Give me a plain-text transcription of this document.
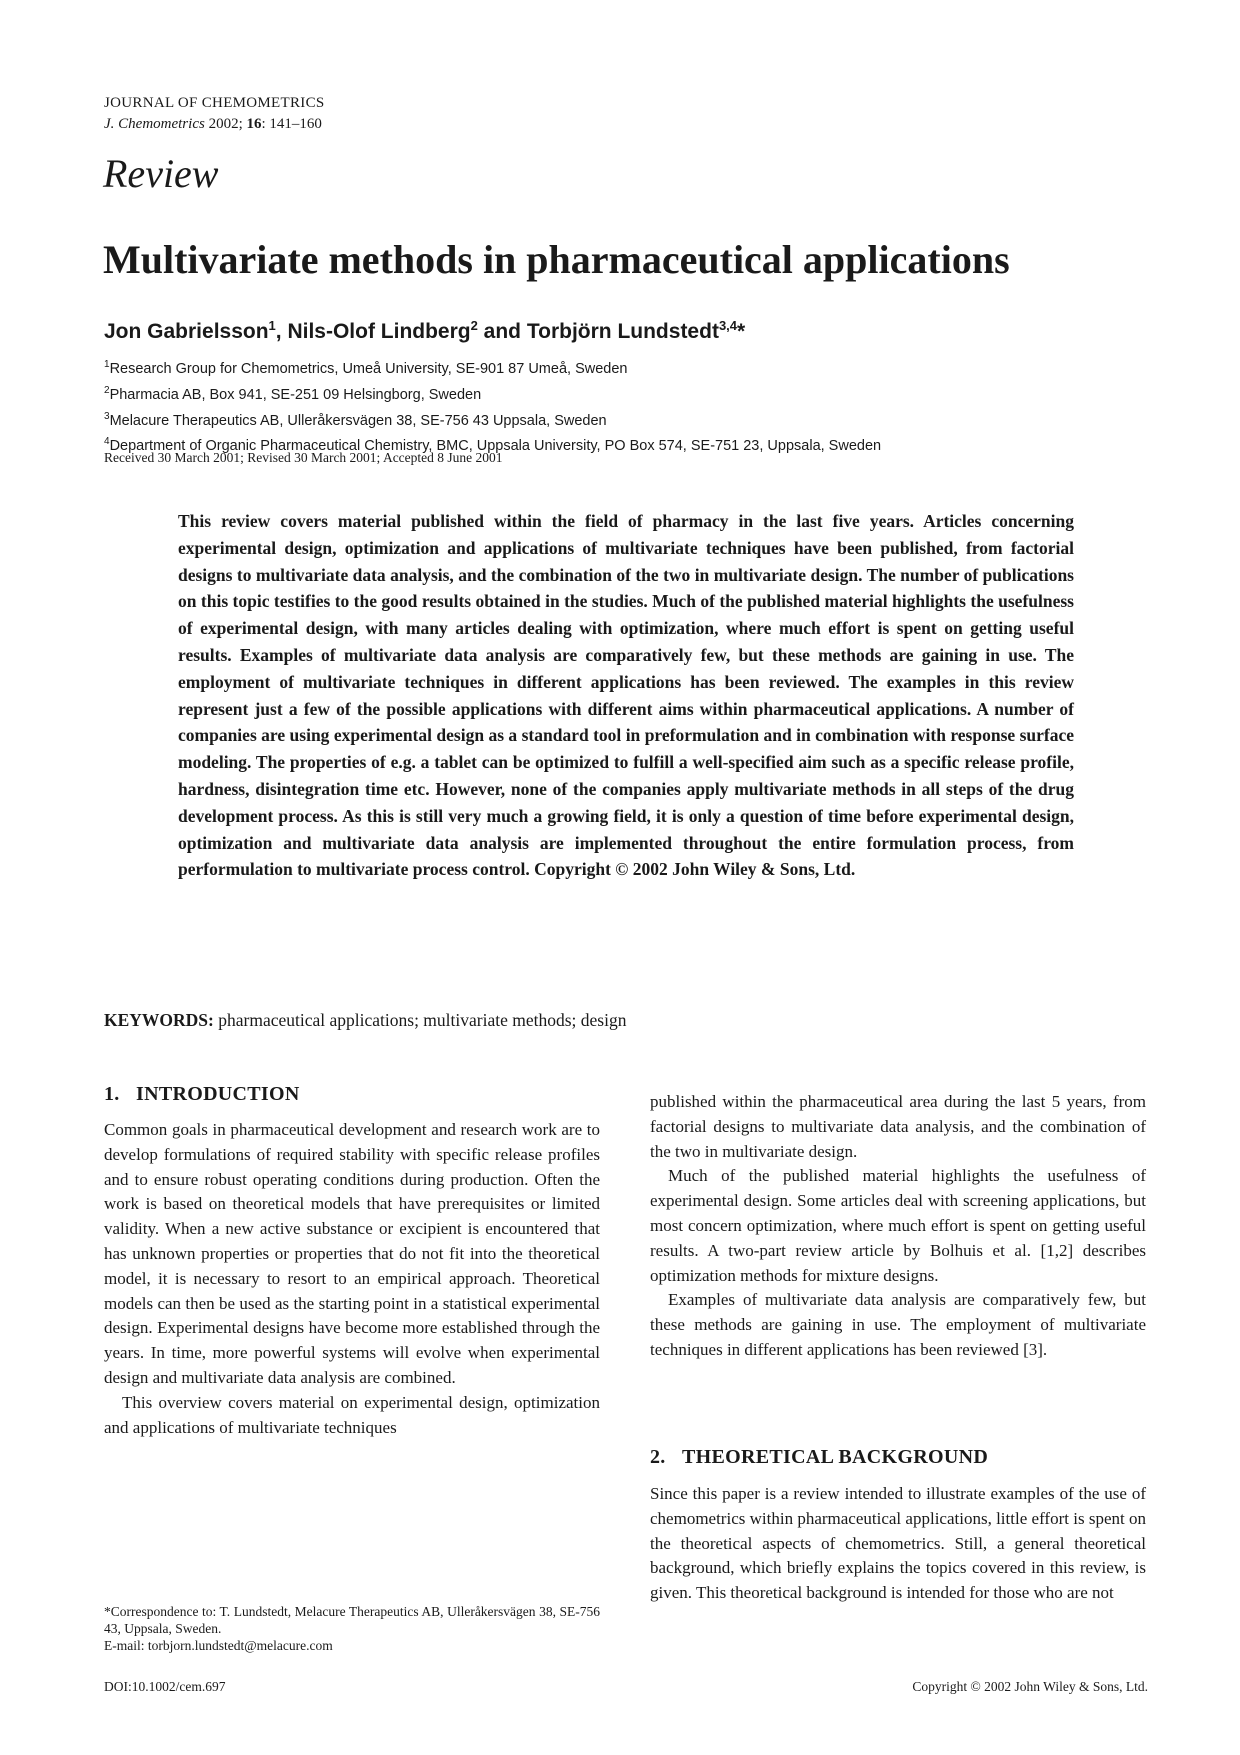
JOURNAL OF CHEMOMETRICS
J. Chemometrics 2002; 16: 141–160
Review
Multivariate methods in pharmaceutical applications
Jon Gabrielsson$^1$, Nils-Olof Lindberg$^2$ and Torbjörn Lundstedt$^{3,4}$*
$^1$Research Group for Chemometrics, Umeå University, SE-901 87 Umeå, Sweden
$^2$Pharmacia AB, Box 941, SE-251 09 Helsingborg, Sweden
$^3$Melacure Therapeutics AB, Ulleråkersvägen 38, SE-756 43 Uppsala, Sweden
$^4$Department of Organic Pharmaceutical Chemistry, BMC, Uppsala University, PO Box 574, SE-751 23, Uppsala, Sweden
Received 30 March 2001; Revised 30 March 2001; Accepted 8 June 2001
This review covers material published within the field of pharmacy in the last five years. Articles concerning experimental design, optimization and applications of multivariate techniques have been published, from factorial designs to multivariate data analysis, and the combination of the two in multivariate design. The number of publications on this topic testifies to the good results obtained in the studies. Much of the published material highlights the usefulness of experimental design, with many articles dealing with optimization, where much effort is spent on getting useful results. Examples of multivariate data analysis are comparatively few, but these methods are gaining in use. The employment of multivariate techniques in different applications has been reviewed. The examples in this review represent just a few of the possible applications with different aims within pharmaceutical applications. A number of companies are using experimental design as a standard tool in preformulation and in combination with response surface modeling. The properties of e.g. a tablet can be optimized to fulfill a well-specified aim such as a specific release profile, hardness, disintegration time etc. However, none of the companies apply multivariate methods in all steps of the drug development process. As this is still very much a growing field, it is only a question of time before experimental design, optimization and multivariate data analysis are implemented throughout the entire formulation process, from performulation to multivariate process control. Copyright © 2002 John Wiley & Sons, Ltd.
KEYWORDS: pharmaceutical applications; multivariate methods; design
1. INTRODUCTION

Common goals in pharmaceutical development and research work are to develop formulations of required stability with specific release profiles and to ensure robust operating conditions during production. Often the work is based on theoretical models that have prerequisites or limited validity. When a new active substance or excipient is encountered that has unknown properties or properties that do not fit into the theoretical model, it is necessary to resort to an empirical approach. Theoretical models can then be used as the starting point in a statistical experimental design. Experimental designs have become more established through the years. In time, more powerful systems will evolve when experimental design and multivariate data analysis are combined.

This overview covers material on experimental design, optimization and applications of multivariate techniques

published within the pharmaceutical area during the last 5 years, from factorial designs to multivariate data analysis, and the combination of the two in multivariate design.

Much of the published material highlights the usefulness of experimental design. Some articles deal with screening applications, but most concern optimization, where much effort is spent on getting useful results. A two-part review article by Bolhuis et al. [1,2] describes optimization methods for mixture designs.

Examples of multivariate data analysis are comparatively few, but these methods are gaining in use. The employment of multivariate techniques in different applications has been reviewed [3].

2. THEORETICAL BACKGROUND

Since this paper is a review intended to illustrate examples of the use of chemometrics within pharmaceutical applications, little effort is spent on the theoretical aspects of chemometrics. Still, a general theoretical background, which briefly explains the topics covered in this review, is given. This theoretical background is intended for those who are not

*Correspondence to: T. Lundstedt, Melacure Therapeutics AB, Ulleråkersvägen 38, SE-756 43, Uppsala, Sweden.
E-mail: torbjorn.lundstedt@melacure.com
DOI:10.1002/cem.697	Copyright © 2002 John Wiley & Sons, Ltd.
